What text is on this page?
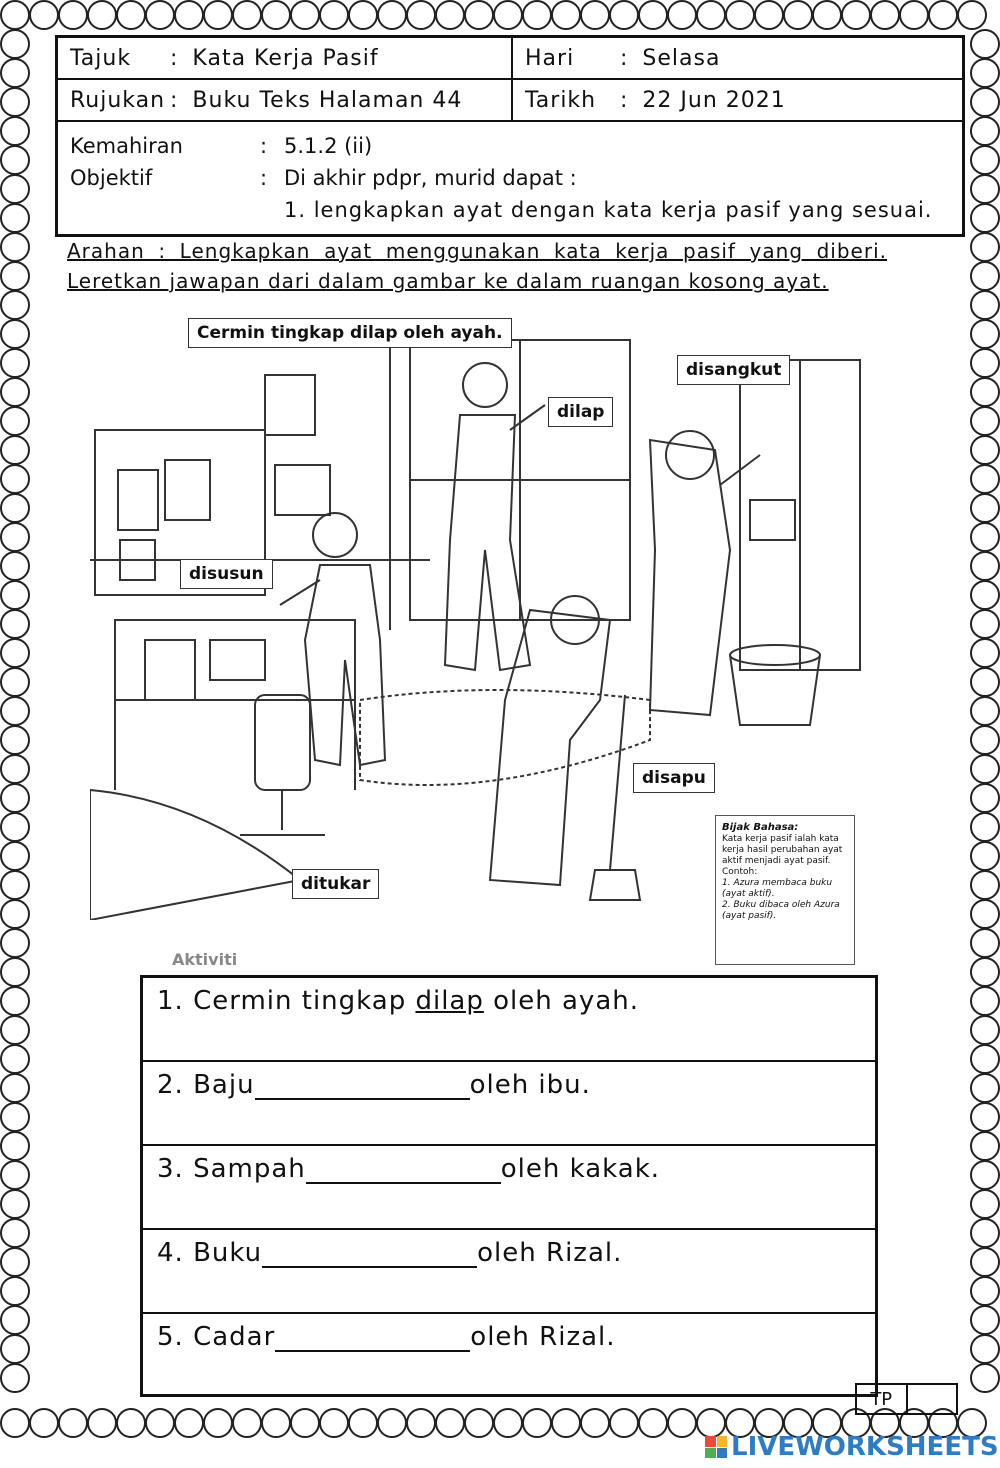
Tajuk	: Kata Kerja Pasif	Hari	: Selasa
Rujukan : Buku Teks Halaman 44	Tarikh	: 22 Jun 2021
Kemahiran	: 5.1.2 (ii)
Objektif	: Di akhir pdpr, murid dapat :
1. lengkapkan ayat dengan kata kerja pasif yang sesuai.
Arahan : Lengkapkan ayat menggunakan kata kerja pasif yang diberi. Leretkan jawapan dari dalam gambar ke dalam ruangan kosong ayat.
Cermin tingkap dilap oleh ayah.
dilap
disangkut
disusun
disapu
ditukar
Bijak Bahasa:
Kata kerja pasif ialah kata kerja hasil perubahan ayat aktif menjadi ayat pasif.
Contoh:
1. Azura membaca buku (ayat aktif).
2. Buku dibaca oleh Azura (ayat pasif).
Aktiviti
1.
Cermin tingkap dilap oleh ayah.
2.
Baju	oleh ibu.
3.
Sampah	oleh kakak.
4.
Buku	oleh Rizal.
5.
Cadar	oleh Rizal.
TP
LIVEWORKSHEETS
